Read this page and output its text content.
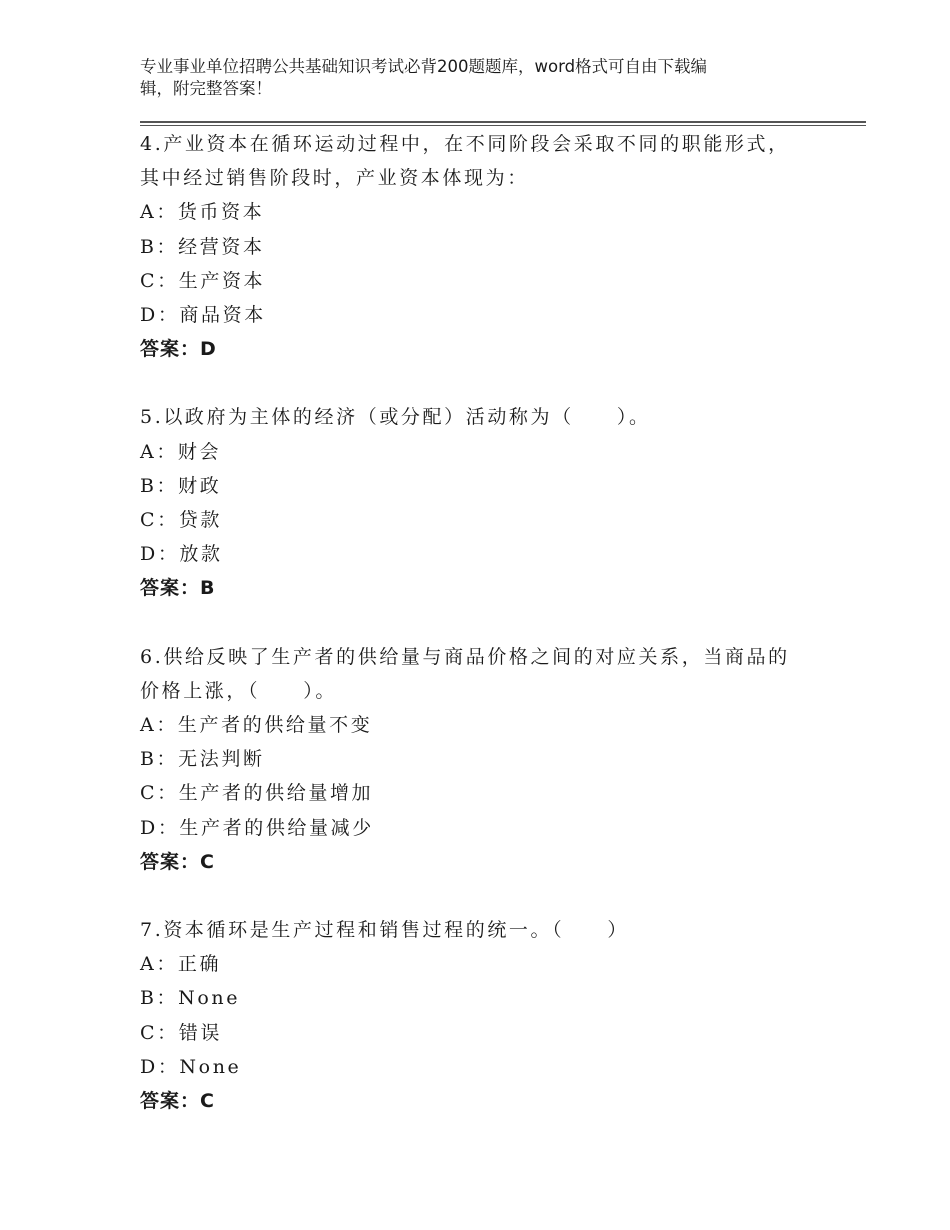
专业事业单位招聘公共基础知识考试必背200题题库，word格式可自由下载编
辑，附完整答案！
4.产业资本在循环运动过程中，在不同阶段会采取不同的职能形式，
其中经过销售阶段时，产业资本体现为：
A：货币资本
B：经营资本
C：生产资本
D：商品资本
答案：D
5.以政府为主体的经济（或分配）活动称为（　　）。
A：财会
B：财政
C：贷款
D：放款
答案：B
6.供给反映了生产者的供给量与商品价格之间的对应关系，当商品的
价格上涨，（　　）。
A：生产者的供给量不变
B：无法判断
C：生产者的供给量增加
D：生产者的供给量减少
答案：C
7.资本循环是生产过程和销售过程的统一。（　　）
A：正确
B：None
C：错误
D：None
答案：C
